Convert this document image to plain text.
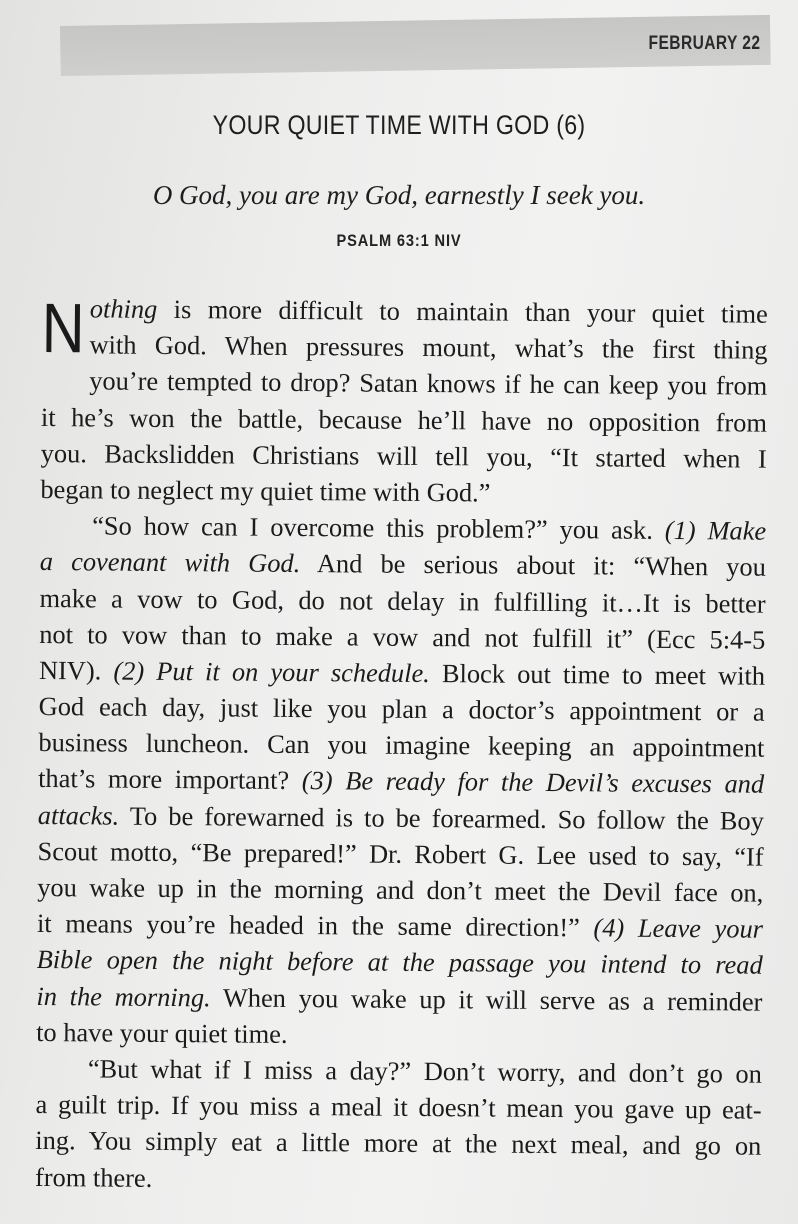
FEBRUARY 22
YOUR QUIET TIME WITH GOD (6)
O God, you are my God, earnestly I seek you.
PSALM 63:1 NIV
N othing is more difficult to maintain than your quiet time
with God. When pressures mount, what’s the first thing
you’re tempted to drop? Satan knows if he can keep you from
it he’s won the battle, because he’ll have no opposition from
you. Backslidden Christians will tell you, “It started when I
began to neglect my quiet time with God.”
“So how can I overcome this problem?” you ask. (1) Make
a covenant with God. And be serious about it: “When you
make a vow to God, do not delay in fulfilling it…It is better
not to vow than to make a vow and not fulfill it” (Ecc 5:4-5
NIV). (2) Put it on your schedule. Block out time to meet with
God each day, just like you plan a doctor’s appointment or a
business luncheon. Can you imagine keeping an appointment
that’s more important? (3) Be ready for the Devil’s excuses and
attacks. To be forewarned is to be forearmed. So follow the Boy
Scout motto, “Be prepared!” Dr. Robert G. Lee used to say, “If
you wake up in the morning and don’t meet the Devil face on,
it means you’re headed in the same direction!” (4) Leave your
Bible open the night before at the passage you intend to read
in the morning. When you wake up it will serve as a reminder
to have your quiet time.
“But what if I miss a day?” Don’t worry, and don’t go on
a guilt trip. If you miss a meal it doesn’t mean you gave up eat-
ing. You simply eat a little more at the next meal, and go on
from there.
